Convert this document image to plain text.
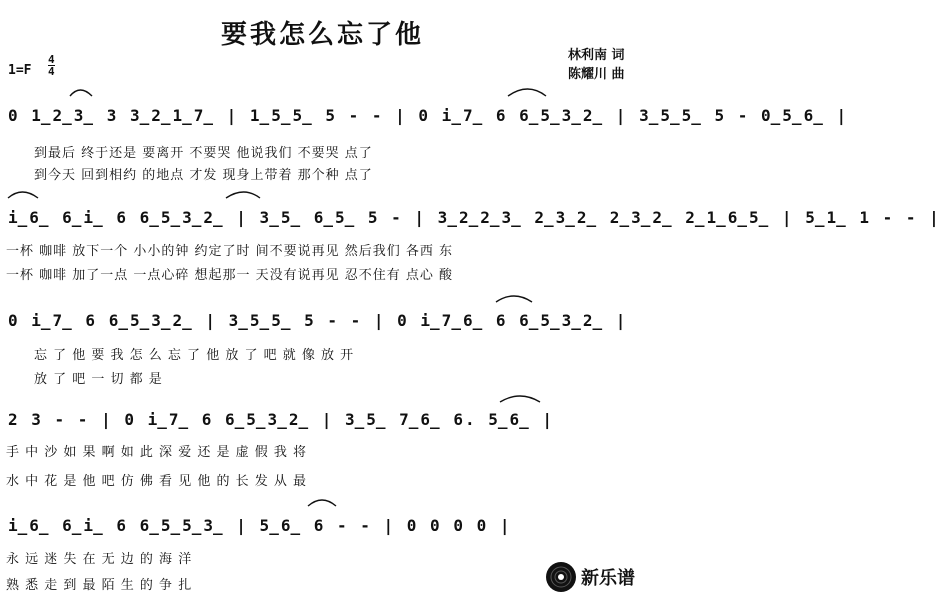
要我怎么忘了他
林利南 词
陈耀川 曲
1=F
4
4
0 1̲2̲3̲ 3 3̲2̲1̲7̲ | 1̲5̲5̲ 5 - - | 0 i̲7̲ 6 6̲5̲3̲2̲ | 3̲5̲5̲ 5 - 0̲5̲6̲ |
到最后 终于还是 要离开 不要哭 他说我们 不要哭 点了
到今天 回到相约 的地点 才发 现身上带着 那个种 点了
i̲6̲ 6̲i̲ 6 6̲5̲3̲2̲ | 3̲5̲ 6̲5̲ 5 - | 3̲2̲2̲3̲ 2̲3̲2̲ 2̲3̲2̲ 2̲1̲6̲5̲ | 5̲1̲ 1 - - |
一杯 咖啡 放下一个 小小的钟 约定了时 间不要说再见 然后我们 各西 东
一杯 咖啡 加了一点 一点心碎 想起那一 天没有说再见 忍不住有 点心 酸
0 i̲7̲ 6 6̲5̲3̲2̲ | 3̲5̲5̲ 5 - - | 0 i̲7̲6̲ 6 6̲5̲3̲2̲ |
忘 了 他 要 我 怎 么 忘 了 他 放 了 吧 就 像 放 开
放 了 吧 一 切 都 是
2 3 - - | 0 i̲7̲ 6 6̲5̲3̲2̲ | 3̲5̲ 7̲6̲ 6. 5̲6̲ |
手 中 沙 如 果 啊 如 此 深 爱 还 是 虚 假 我 将
水 中 花 是 他 吧 仿 佛 看 见 他 的 长 发 从 最
i̲6̲ 6̲i̲ 6 6̲5̲5̲3̲ | 5̲6̲ 6 - - | 0 0 0 0 |
永 远 迷 失 在 无 边 的 海 洋
熟 悉 走 到 最 陌 生 的 争 扎	新乐谱
